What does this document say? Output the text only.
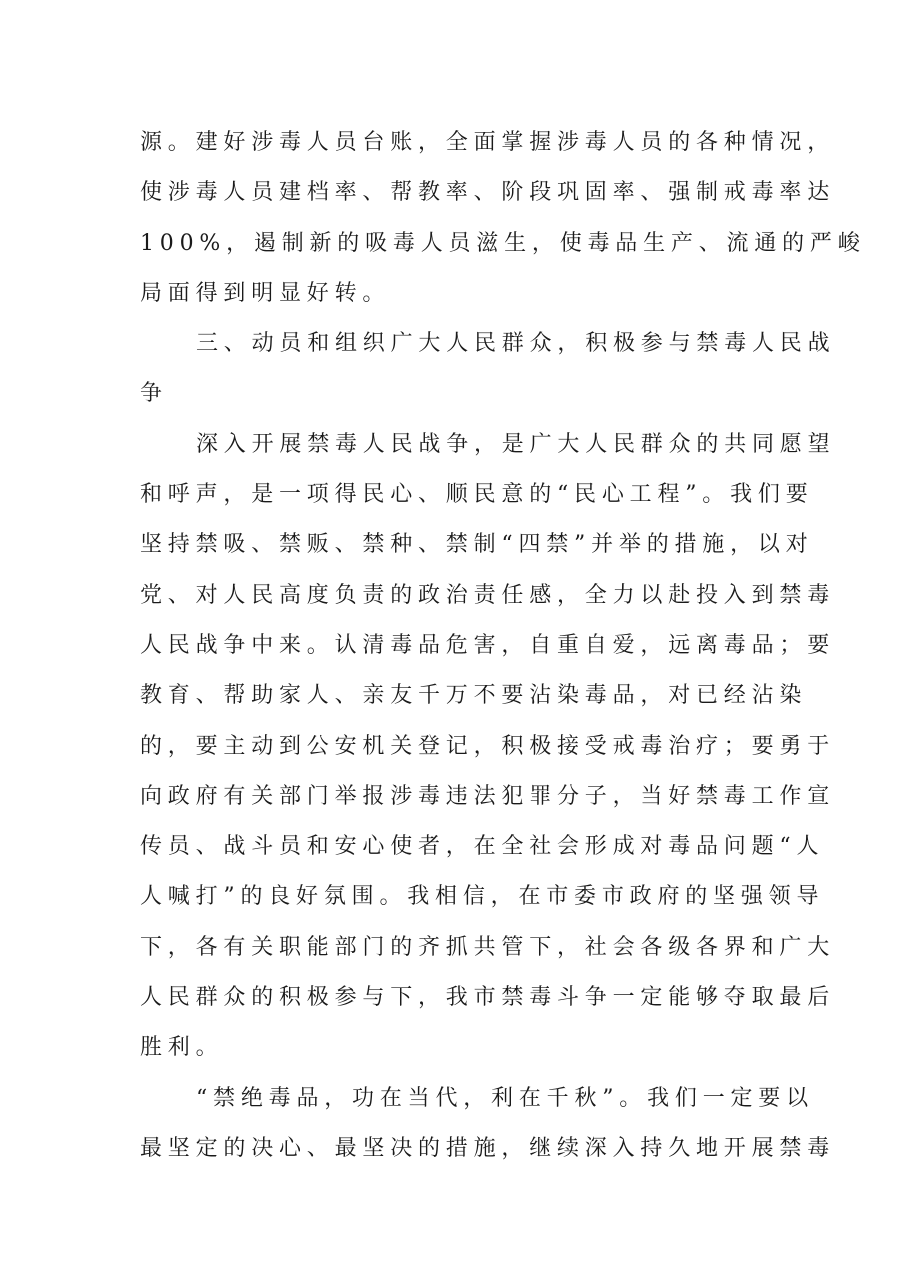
源。建好涉毒人员台账，全面掌握涉毒人员的各种情况，
使涉毒人员建档率、帮教率、阶段巩固率、强制戒毒率达
100%，遏制新的吸毒人员滋生，使毒品生产、流通的严峻
局面得到明显好转。
三、动员和组织广大人民群众，积极参与禁毒人民战
争
深入开展禁毒人民战争，是广大人民群众的共同愿望
和呼声，是一项得民心、顺民意的“民心工程”。我们要
坚持禁吸、禁贩、禁种、禁制“四禁”并举的措施，以对
党、对人民高度负责的政治责任感，全力以赴投入到禁毒
人民战争中来。认清毒品危害，自重自爱，远离毒品；要
教育、帮助家人、亲友千万不要沾染毒品，对已经沾染
的，要主动到公安机关登记，积极接受戒毒治疗；要勇于
向政府有关部门举报涉毒违法犯罪分子，当好禁毒工作宣
传员、战斗员和安心使者，在全社会形成对毒品问题“人
人喊打”的良好氛围。我相信，在市委市政府的坚强领导
下，各有关职能部门的齐抓共管下，社会各级各界和广大
人民群众的积极参与下，我市禁毒斗争一定能够夺取最后
胜利。
“禁绝毒品，功在当代，利在千秋”。我们一定要以
最坚定的决心、最坚决的措施，继续深入持久地开展禁毒
